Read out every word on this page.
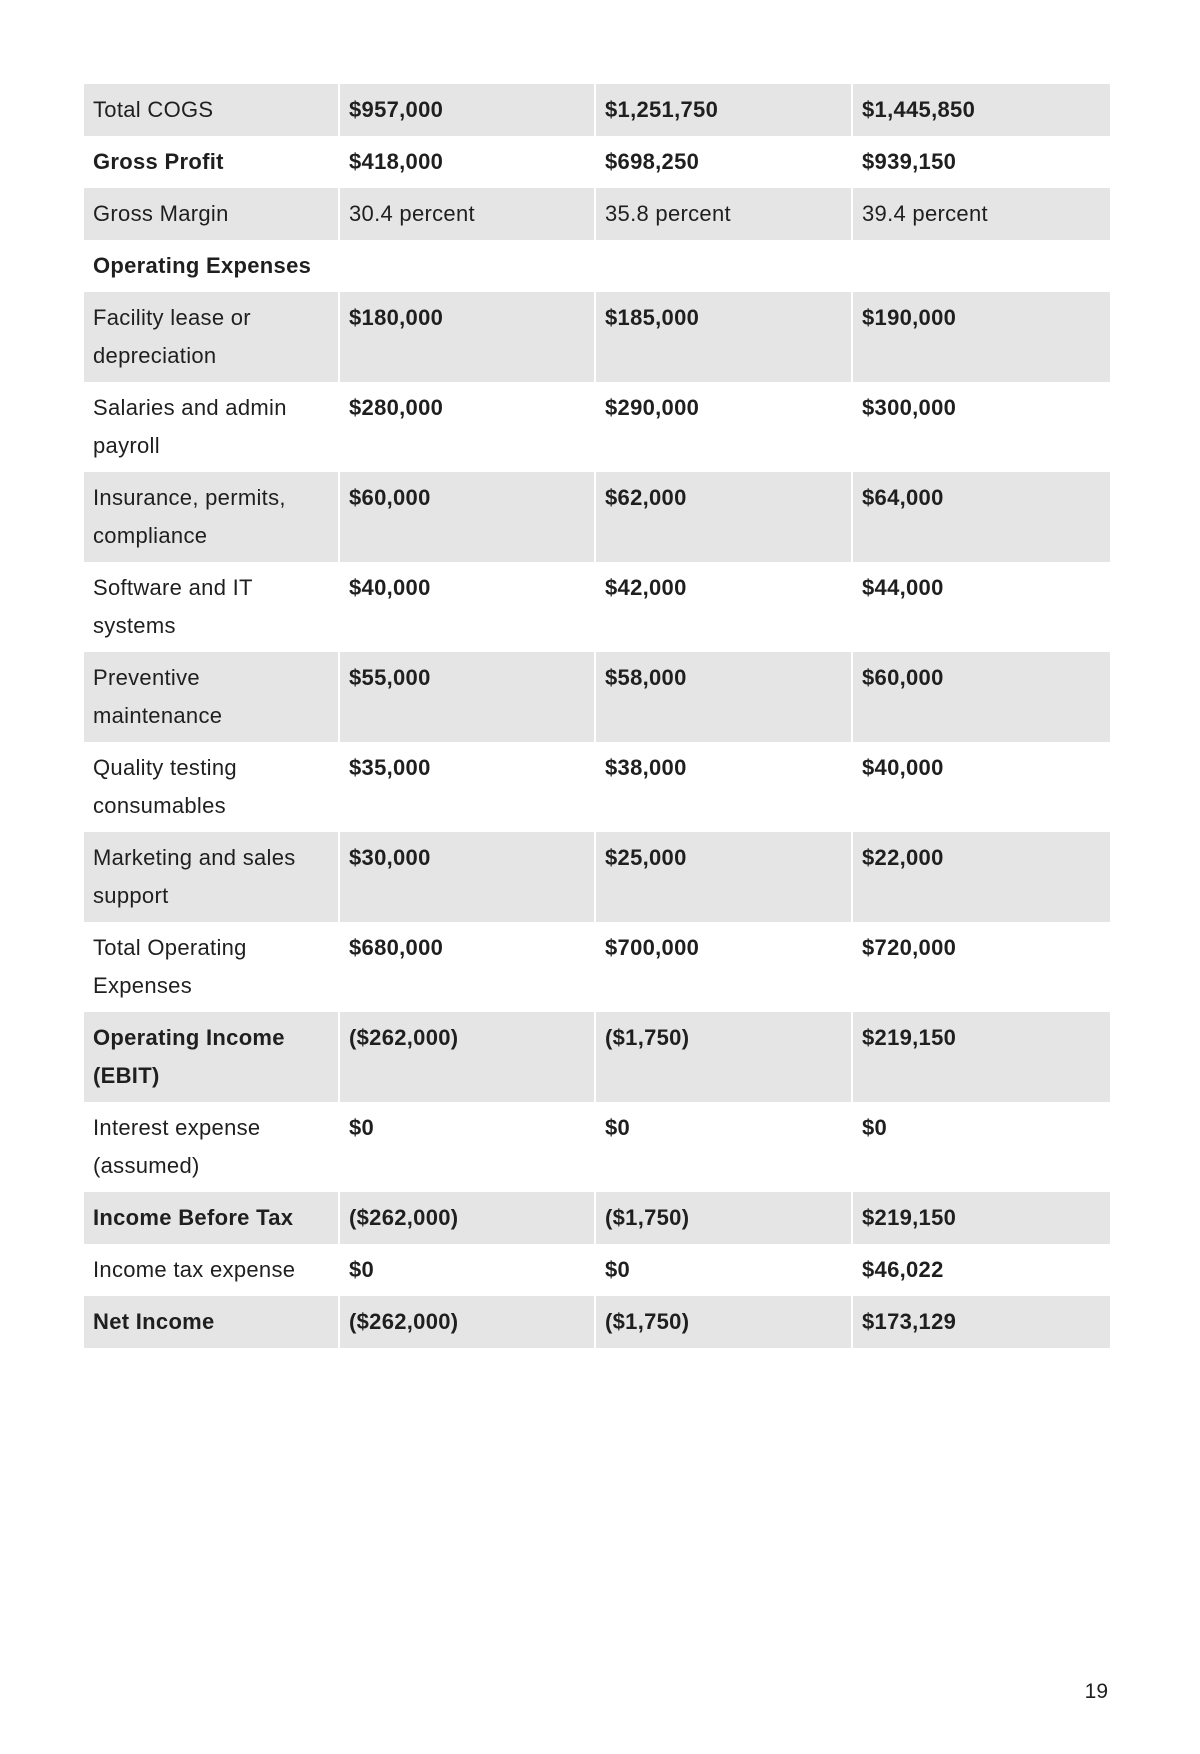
Total COGS	$957,000	$1,251,750	$1,445,850
Gross Profit	$418,000	$698,250	$939,150
Gross Margin	30.4 percent	35.8 percent	39.4 percent
Operating Expenses			
Facility lease or depreciation	$180,000	$185,000	$190,000
Salaries and admin payroll	$280,000	$290,000	$300,000
Insurance, permits, compliance	$60,000	$62,000	$64,000
Software and IT systems	$40,000	$42,000	$44,000
Preventive maintenance	$55,000	$58,000	$60,000
Quality testing consumables	$35,000	$38,000	$40,000
Marketing and sales support	$30,000	$25,000	$22,000
Total Operating Expenses	$680,000	$700,000	$720,000
Operating Income (EBIT)	($262,000)	($1,750)	$219,150
Interest expense (assumed)	$0	$0	$0
Income Before Tax	($262,000)	($1,750)	$219,150
Income tax expense	$0	$0	$46,022
Net Income	($262,000)	($1,750)	$173,129
19
